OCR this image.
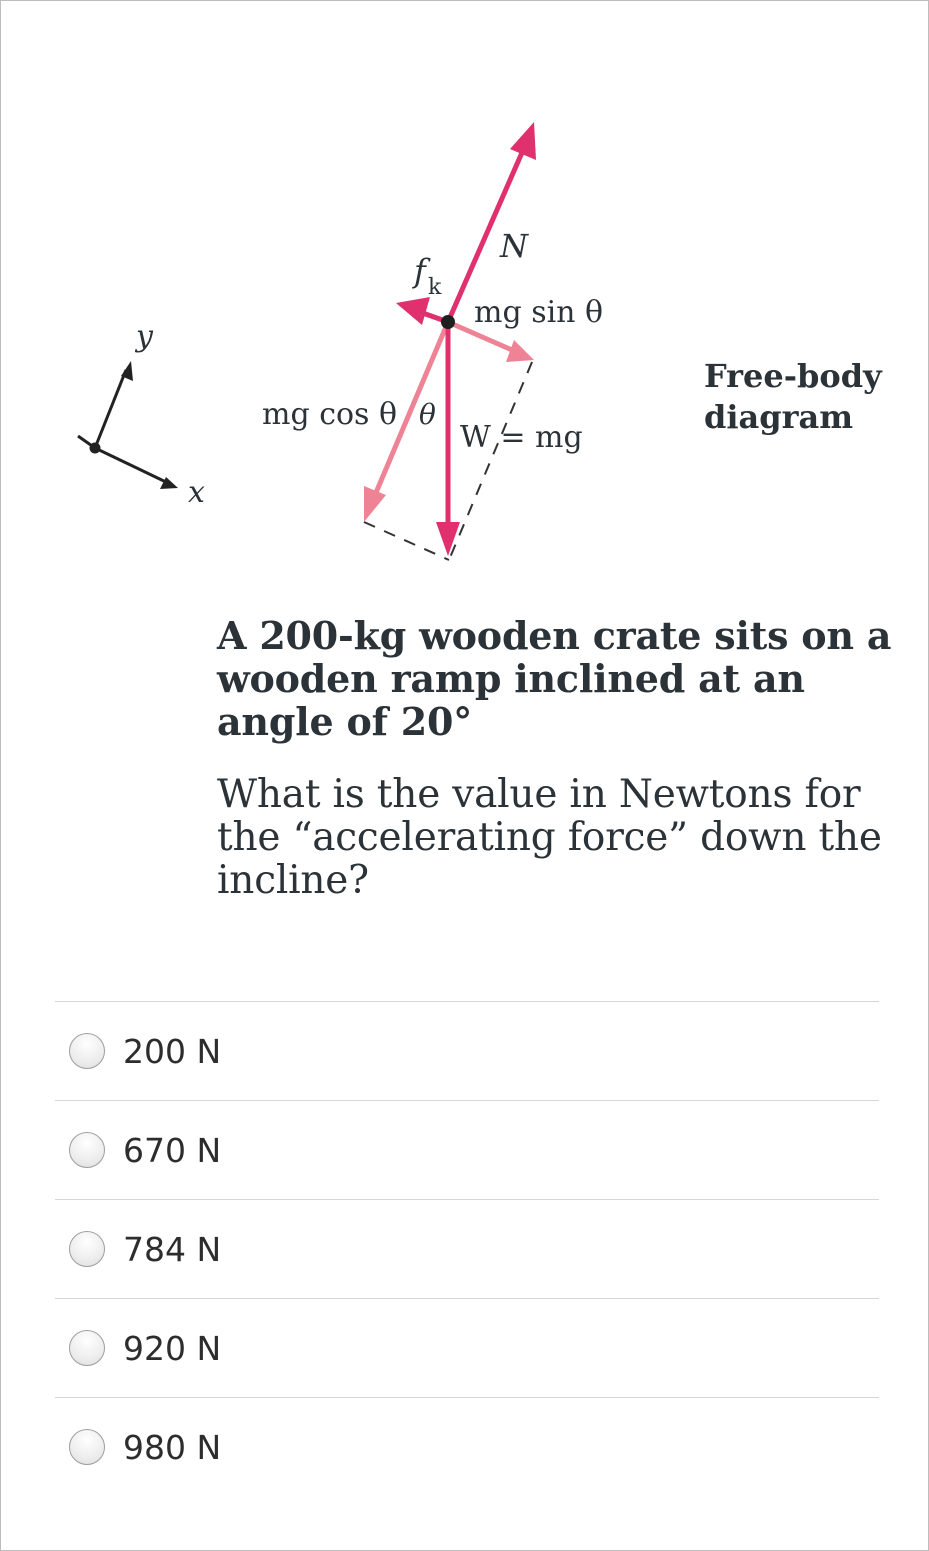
y
x
N
f k
mg sin θ
mg cos θ θ
W = mg
Free-body
diagram

A 200-kg wooden crate sits on a wooden ramp inclined at an angle of 20°

What is the value in Newtons for the “accelerating force” down the incline?

200 N
670 N
784 N
920 N
980 N
